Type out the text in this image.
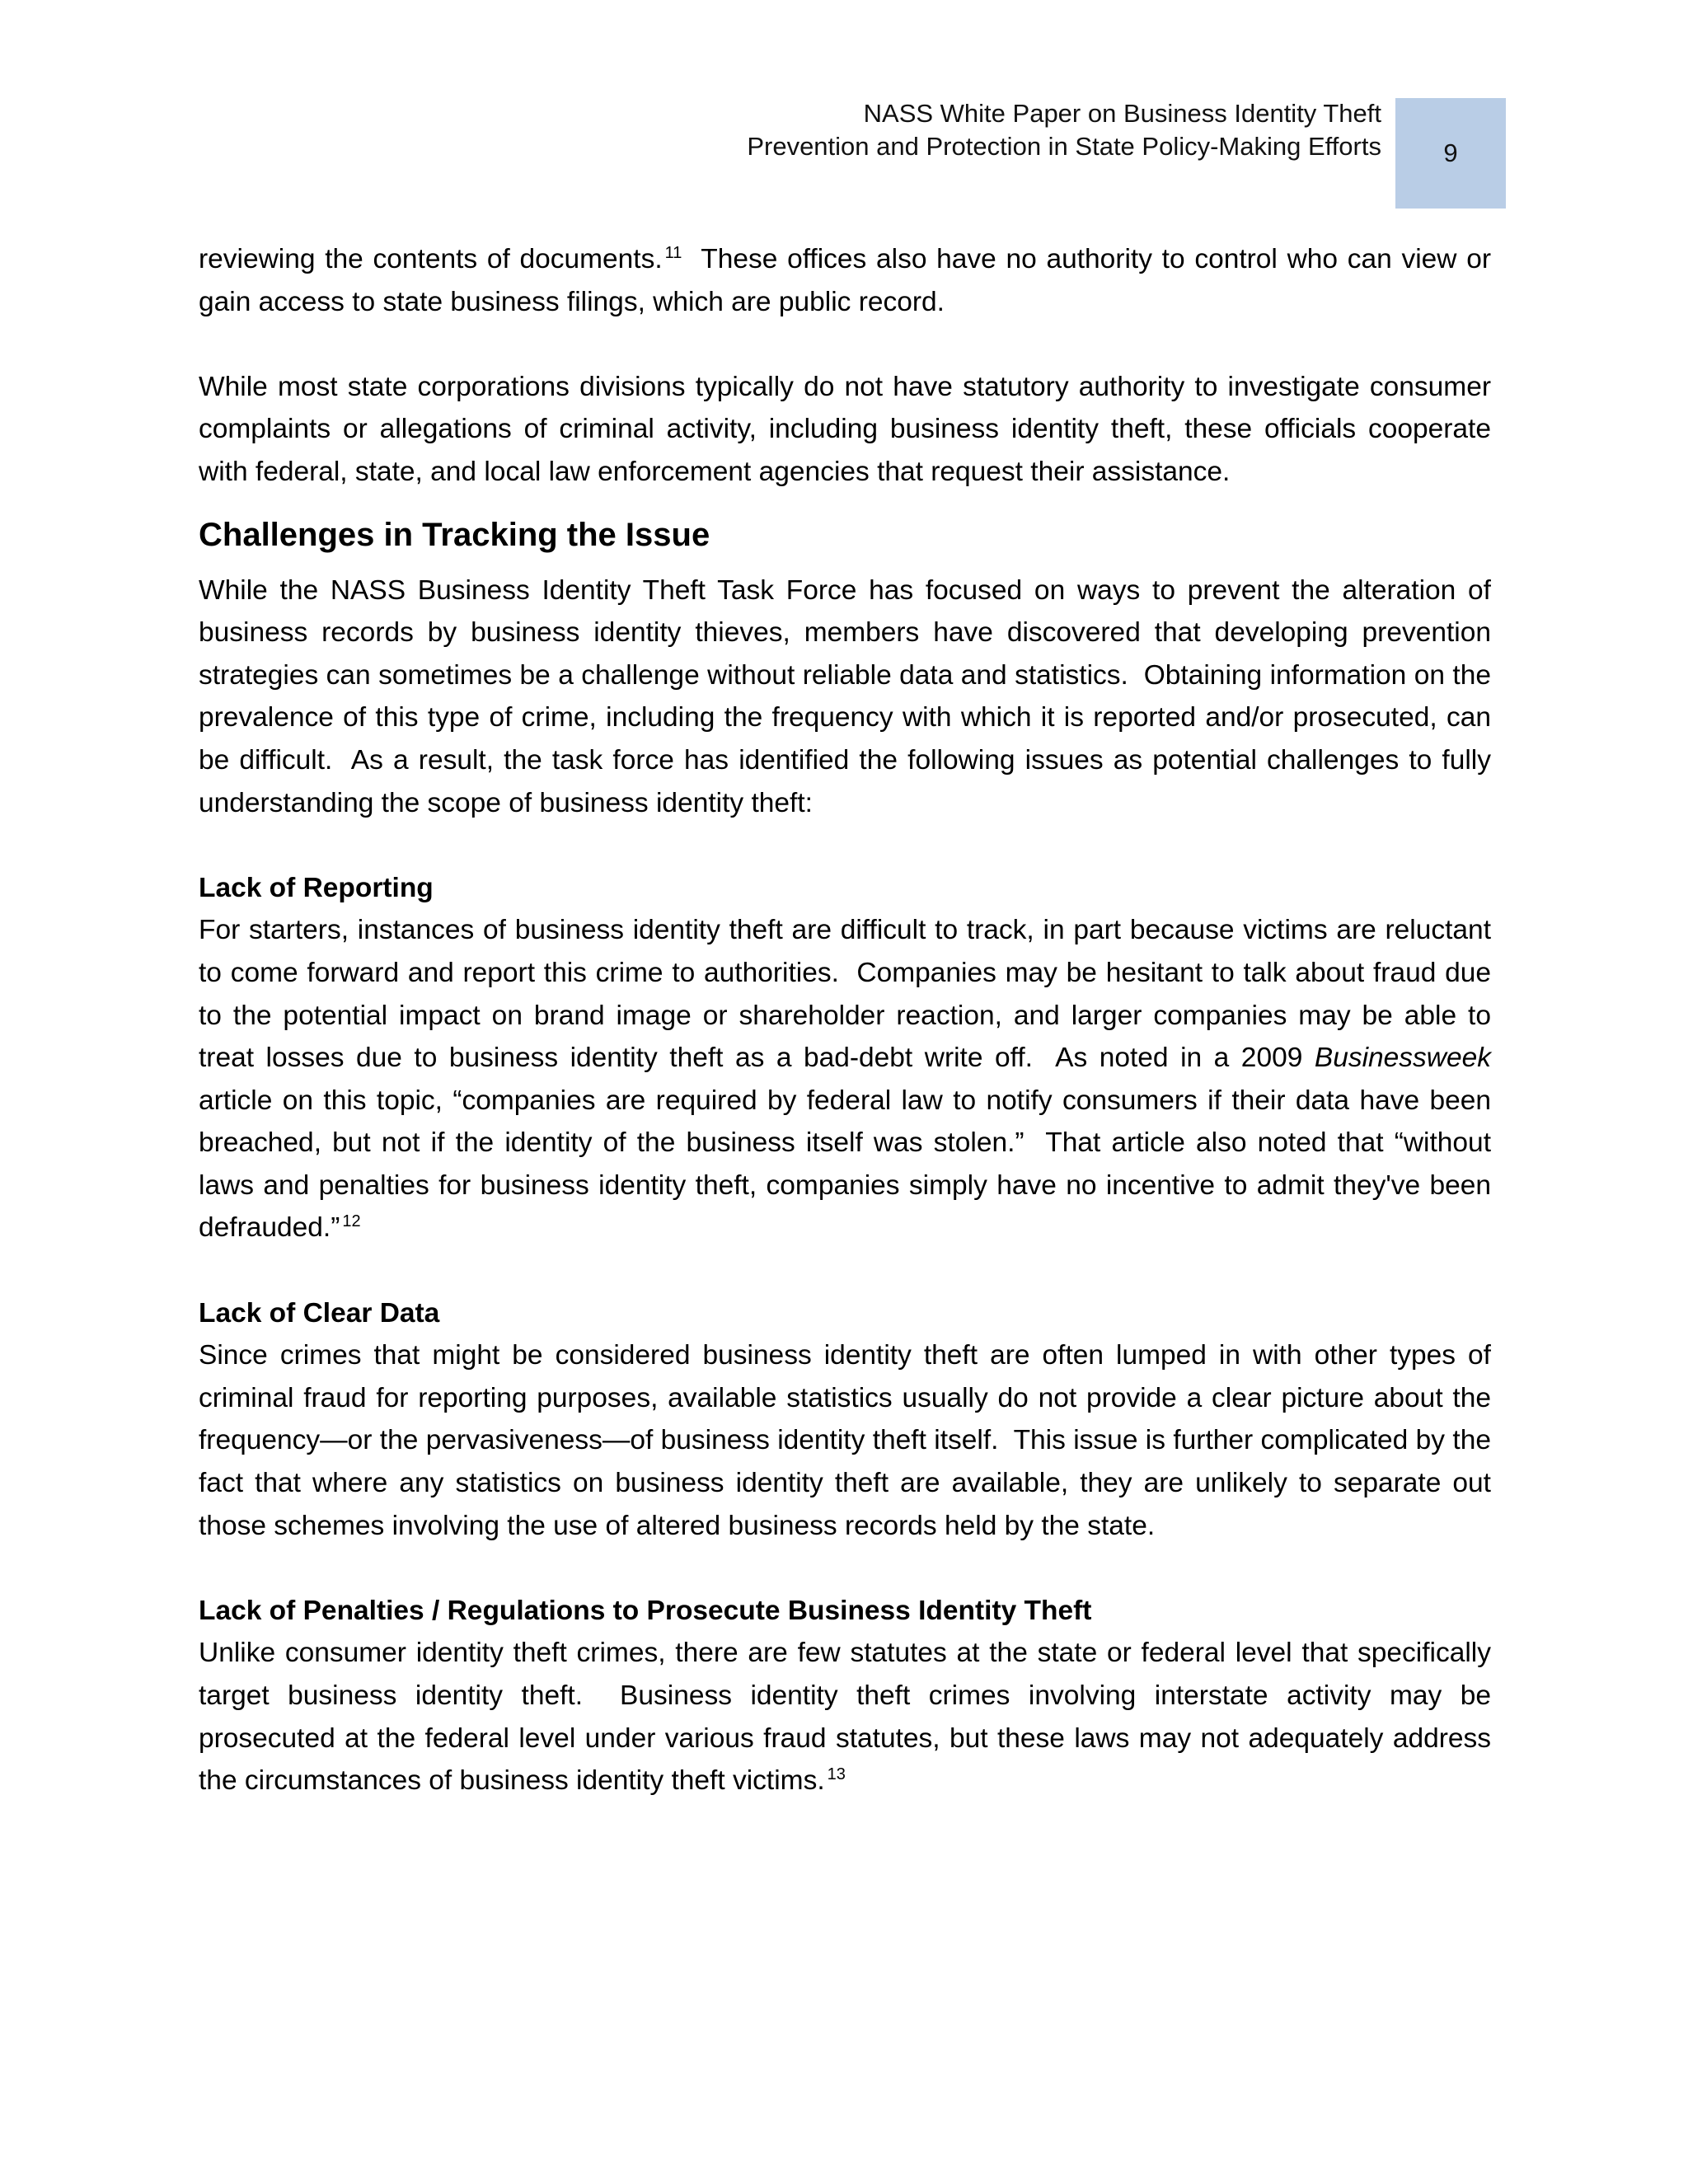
NASS White Paper on Business Identity Theft
Prevention and Protection in State Policy-Making Efforts 9

reviewing the contents of documents. $^{11}$  These offices also have no authority to control who can view or gain access to state business filings, which are public record.

While most state corporations divisions typically do not have statutory authority to investigate consumer complaints or allegations of criminal activity, including business identity theft, these officials cooperate with federal, state, and local law enforcement agencies that request their assistance.

Challenges in Tracking the Issue

While the NASS Business Identity Theft Task Force has focused on ways to prevent the alteration of business records by business identity thieves, members have discovered that developing prevention strategies can sometimes be a challenge without reliable data and statistics.  Obtaining information on the prevalence of this type of crime, including the frequency with which it is reported and/or prosecuted, can be difficult.  As a result, the task force has identified the following issues as potential challenges to fully understanding the scope of business identity theft:

Lack of Reporting
For starters, instances of business identity theft are difficult to track, in part because victims are reluctant to come forward and report this crime to authorities.  Companies may be hesitant to talk about fraud due to the potential impact on brand image or shareholder reaction, and larger companies may be able to treat losses due to business identity theft as a bad-debt write off.  As noted in a 2009 Businessweek article on this topic, “companies are required by federal law to notify consumers if their data have been breached, but not if the identity of the business itself was stolen.”  That article also noted that “without laws and penalties for business identity theft, companies simply have no incentive to admit they've been defrauded.” $^{12}$

Lack of Clear Data
Since crimes that might be considered business identity theft are often lumped in with other types of criminal fraud for reporting purposes, available statistics usually do not provide a clear picture about the frequency—or the pervasiveness—of business identity theft itself.  This issue is further complicated by the fact that where any statistics on business identity theft are available, they are unlikely to separate out those schemes involving the use of altered business records held by the state.

Lack of Penalties / Regulations to Prosecute Business Identity Theft
Unlike consumer identity theft crimes, there are few statutes at the state or federal level that specifically target business identity theft.  Business identity theft crimes involving interstate activity may be prosecuted at the federal level under various fraud statutes, but these laws may not adequately address the circumstances of business identity theft victims. $^{13}$
